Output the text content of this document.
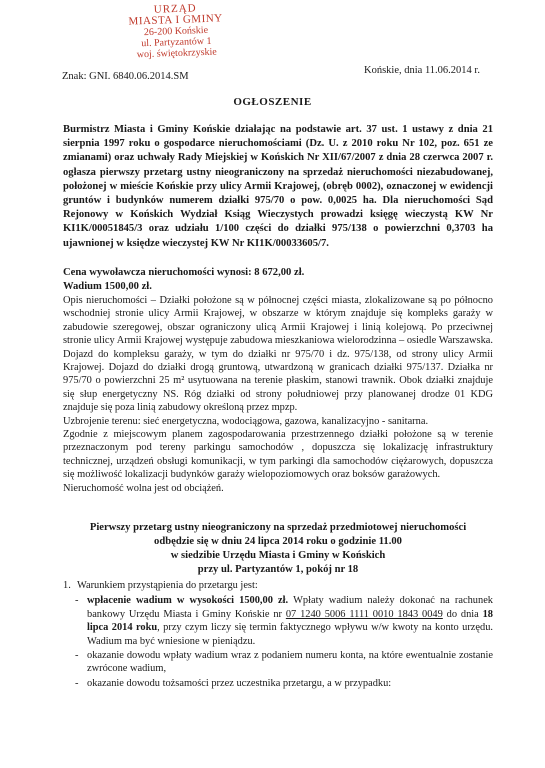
URZĄD
MIASTA I GMINY
26-200 Końskie
ul. Partyzantów 1
woj. świętokrzyskie
Znak: GNI. 6840.06.2014.SM
Końskie, dnia 11.06.2014 r.
OGŁOSZENIE
Burmistrz Miasta i Gminy Końskie działając na podstawie art. 37 ust. 1 ustawy z dnia 21 sierpnia 1997 roku o gospodarce nieruchomościami (Dz. U. z 2010 roku Nr 102, poz. 651 ze zmianami) oraz uchwały Rady Miejskiej w Końskich Nr XII/67/2007 z dnia 28 czerwca 2007 r. ogłasza pierwszy przetarg ustny nieograniczony na sprzedaż nieruchomości niezabudowanej, położonej w mieście Końskie przy ulicy Armii Krajowej, (obręb 0002), oznaczonej w ewidencji gruntów i budynków numerem działki 975/70 o pow. 0,0025 ha. Dla nieruchomości Sąd Rejonowy w Końskich Wydział Ksiąg Wieczystych prowadzi księgę wieczystą KW Nr KI1K/00051845/3 oraz udziału 1/100 części do działki 975/138 o powierzchni 0,3703 ha ujawnionej w księdze wieczystej KW Nr KI1K/00033605/7.
Cena wywoławcza nieruchomości wynosi: 8 672,00 zł.
Wadium 1500,00 zł.

Opis nieruchomości – Działki położone są w północnej części miasta, zlokalizowane są po północno wschodniej stronie ulicy Armii Krajowej, w obszarze w którym znajduje się kompleks garaży w zabudowie szeregowej, obszar ograniczony ulicą Armii Krajowej i linią kolejową. Po przeciwnej stronie ulicy Armii Krajowej występuje zabudowa mieszkaniowa wielorodzinna – osiedle Warszawska. Dojazd do kompleksu garaży, w tym do działki nr 975/70 i dz. 975/138, od strony ulicy Armii Krajowej. Dojazd do działki drogą gruntową, utwardzoną w granicach działki 975/137. Działka nr 975/70 o powierzchni 25 m² usytuowana na terenie płaskim, stanowi trawnik. Obok działki znajduje się słup energetyczny NS. Róg działki od strony południowej przy planowanej drodze 01 KDG znajduje się poza linią zabudowy określoną przez mpzp.

Uzbrojenie terenu: sieć energetyczna, wodociągowa, gazowa, kanalizacyjno - sanitarna.

Zgodnie z miejscowym planem zagospodarowania przestrzennego działki położone są w terenie przeznaczonym pod tereny parkingu samochodów , dopuszcza się lokalizację infrastruktury technicznej, urządzeń obsługi komunikacji, w tym parkingi dla samochodów ciężarowych, dopuszcza się możliwość lokalizacji budynków garaży wielopoziomowych oraz boksów garażowych.

Nieruchomość wolna jest od obciążeń.

Pierwszy przetarg ustny nieograniczony na sprzedaż przedmiotowej nieruchomości
odbędzie się w dniu 24 lipca 2014 roku o godzinie 11.00
w siedzibie Urzędu Miasta i Gminy w Końskich
przy ul. Partyzantów 1, pokój nr 18
1. Warunkiem przystąpienia do przetargu jest:
- wpłacenie wadium w wysokości 1500,00 zł. Wpłaty wadium należy dokonać na rachunek bankowy Urzędu Miasta i Gminy Końskie nr 07 1240 5006 1111 0010 1843 0049 do dnia 18 lipca 2014 roku, przy czym liczy się termin faktycznego wpływu w/w kwoty na konto urzędu. Wadium ma być wniesione w pieniądzu.
- okazanie dowodu wpłaty wadium wraz z podaniem numeru konta, na które ewentualnie zostanie zwrócone wadium,
- okazanie dowodu tożsamości przez uczestnika przetargu, a w przypadku:
